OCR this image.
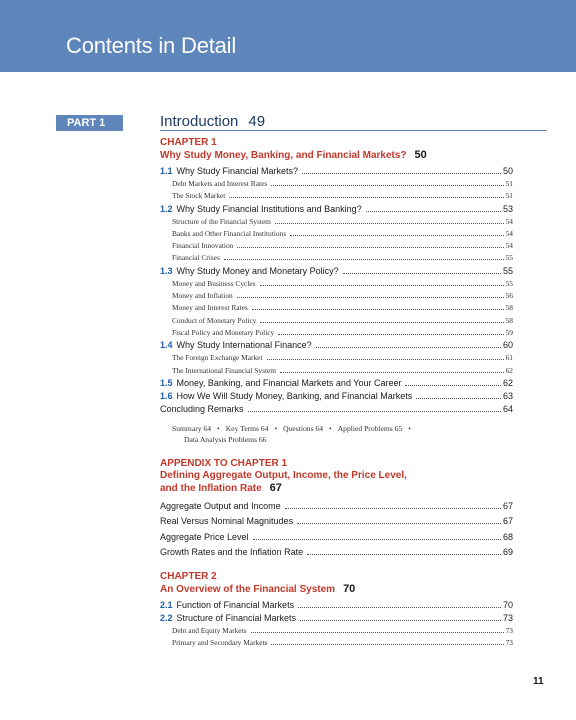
Contents in Detail
PART 1	Introduction 49
CHAPTER 1
Why Study Money, Banking, and Financial Markets? 50
1.1 Why Study Financial Markets?	50
Debt Markets and Interest Rates	51
The Stock Market	51
1.2 Why Study Financial Institutions and Banking?	53
Structure of the Financial System	54
Banks and Other Financial Institutions	54
Financial Innovation	54
Financial Crises	55
1.3 Why Study Money and Monetary Policy?	55
Money and Business Cycles	55
Money and Inflation	56
Money and Interest Rates	58
Conduct of Monetary Policy	58
Fiscal Policy and Monetary Policy	59
1.4 Why Study International Finance?	60
The Foreign Exchange Market	61
The International Financial System	62
1.5 Money, Banking, and Financial Markets and Your Career	62
1.6 How We Will Study Money, Banking, and Financial Markets	63
Concluding Remarks	64
Summary 64 • Key Terms 64 • Questions 64 • Applied Problems 65 •
Data Analysis Problems 66
APPENDIX TO CHAPTER 1
Defining Aggregate Output, Income, the Price Level,
and the Inflation Rate 67
Aggregate Output and Income	67
Real Versus Nominal Magnitudes	67
Aggregate Price Level	68
Growth Rates and the Inflation Rate	69
CHAPTER 2
An Overview of the Financial System 70
2.1 Function of Financial Markets	70
2.2 Structure of Financial Markets	73
Debt and Equity Markets	73
Primary and Secondary Markets	73
11
